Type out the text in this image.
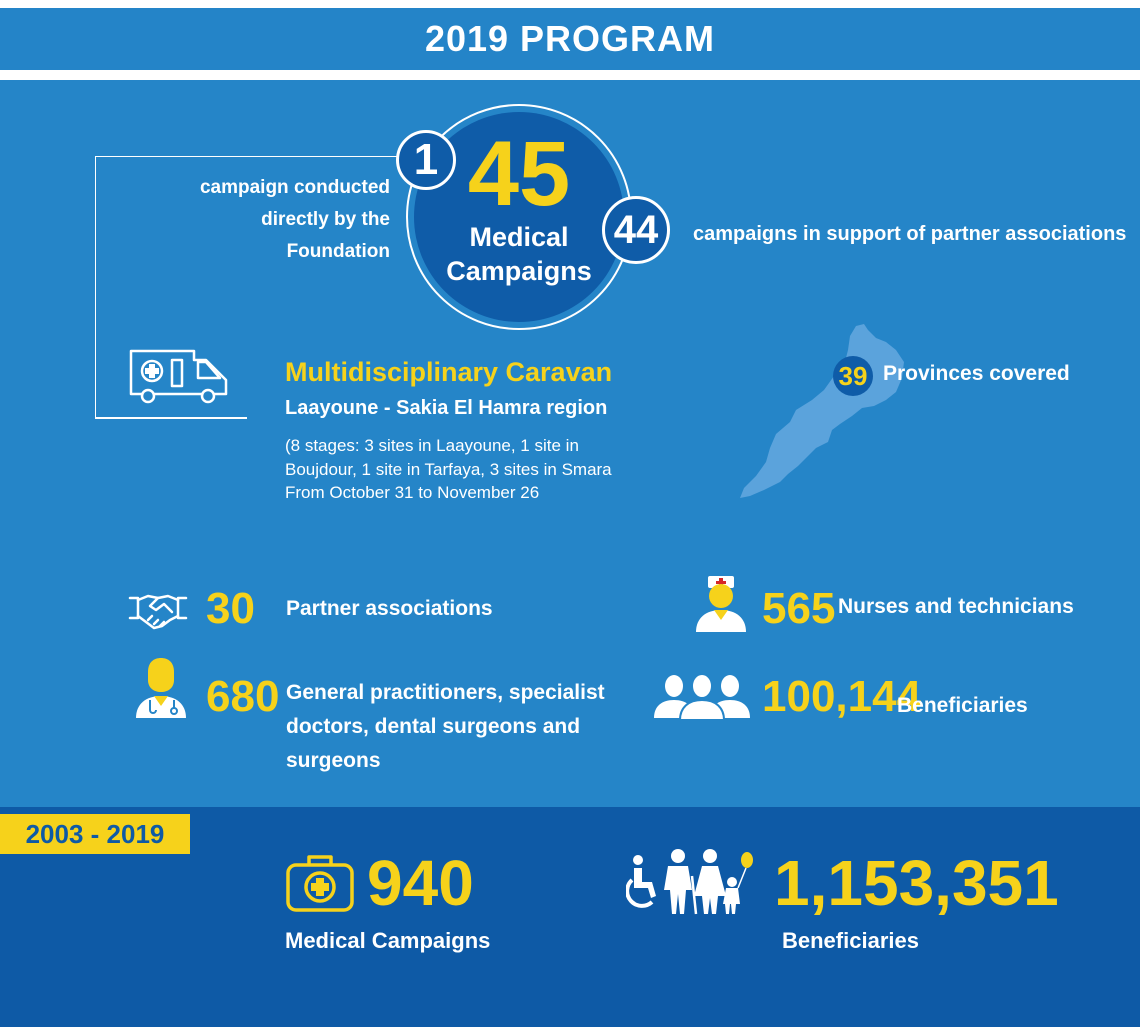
2019 PROGRAM
45
Medical
Campaigns
1
44
campaign conducted directly by the Foundation
campaigns in support of partner associations
Multidisciplinary Caravan
Laayoune - Sakia El Hamra region
(8 stages: 3 sites in Laayoune, 1 site in
Boujdour, 1 site in Tarfaya, 3 sites in Smara
From October 31 to November 26
39 Provinces covered
30 Partner associations	565 Nurses and technicians
680 General practitioners, specialist
doctors, dental surgeons and
surgeons
100,144
Beneficiaries
2003 - 2019
940
Medical Campaigns
1,153,351
Beneficiaries
